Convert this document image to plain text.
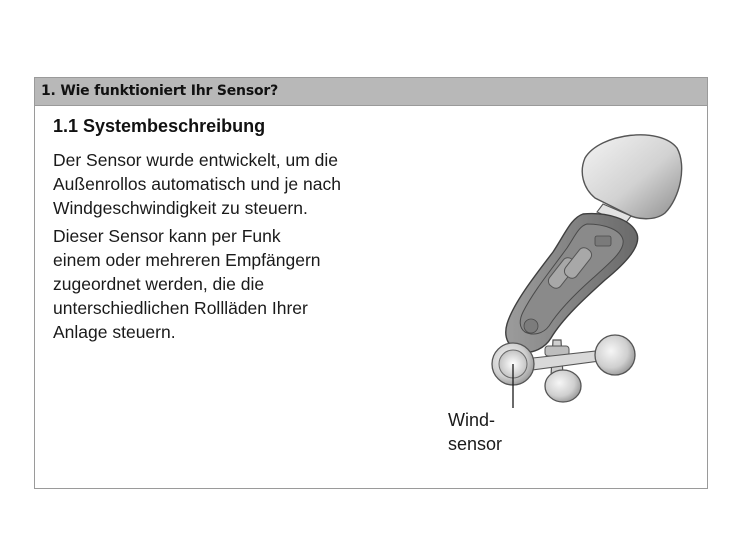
1. Wie funktioniert Ihr Sensor?
1.1 Systembeschreibung
Der Sensor wurde entwickelt, um die
Außenrollos automatisch und je nach
Windgeschwindigkeit zu steuern.
Dieser Sensor kann per Funk
einem oder mehreren Empfängern
zugeordnet werden, die die
unterschiedlichen Rollläden Ihrer
Anlage steuern.
Wind-
sensor
